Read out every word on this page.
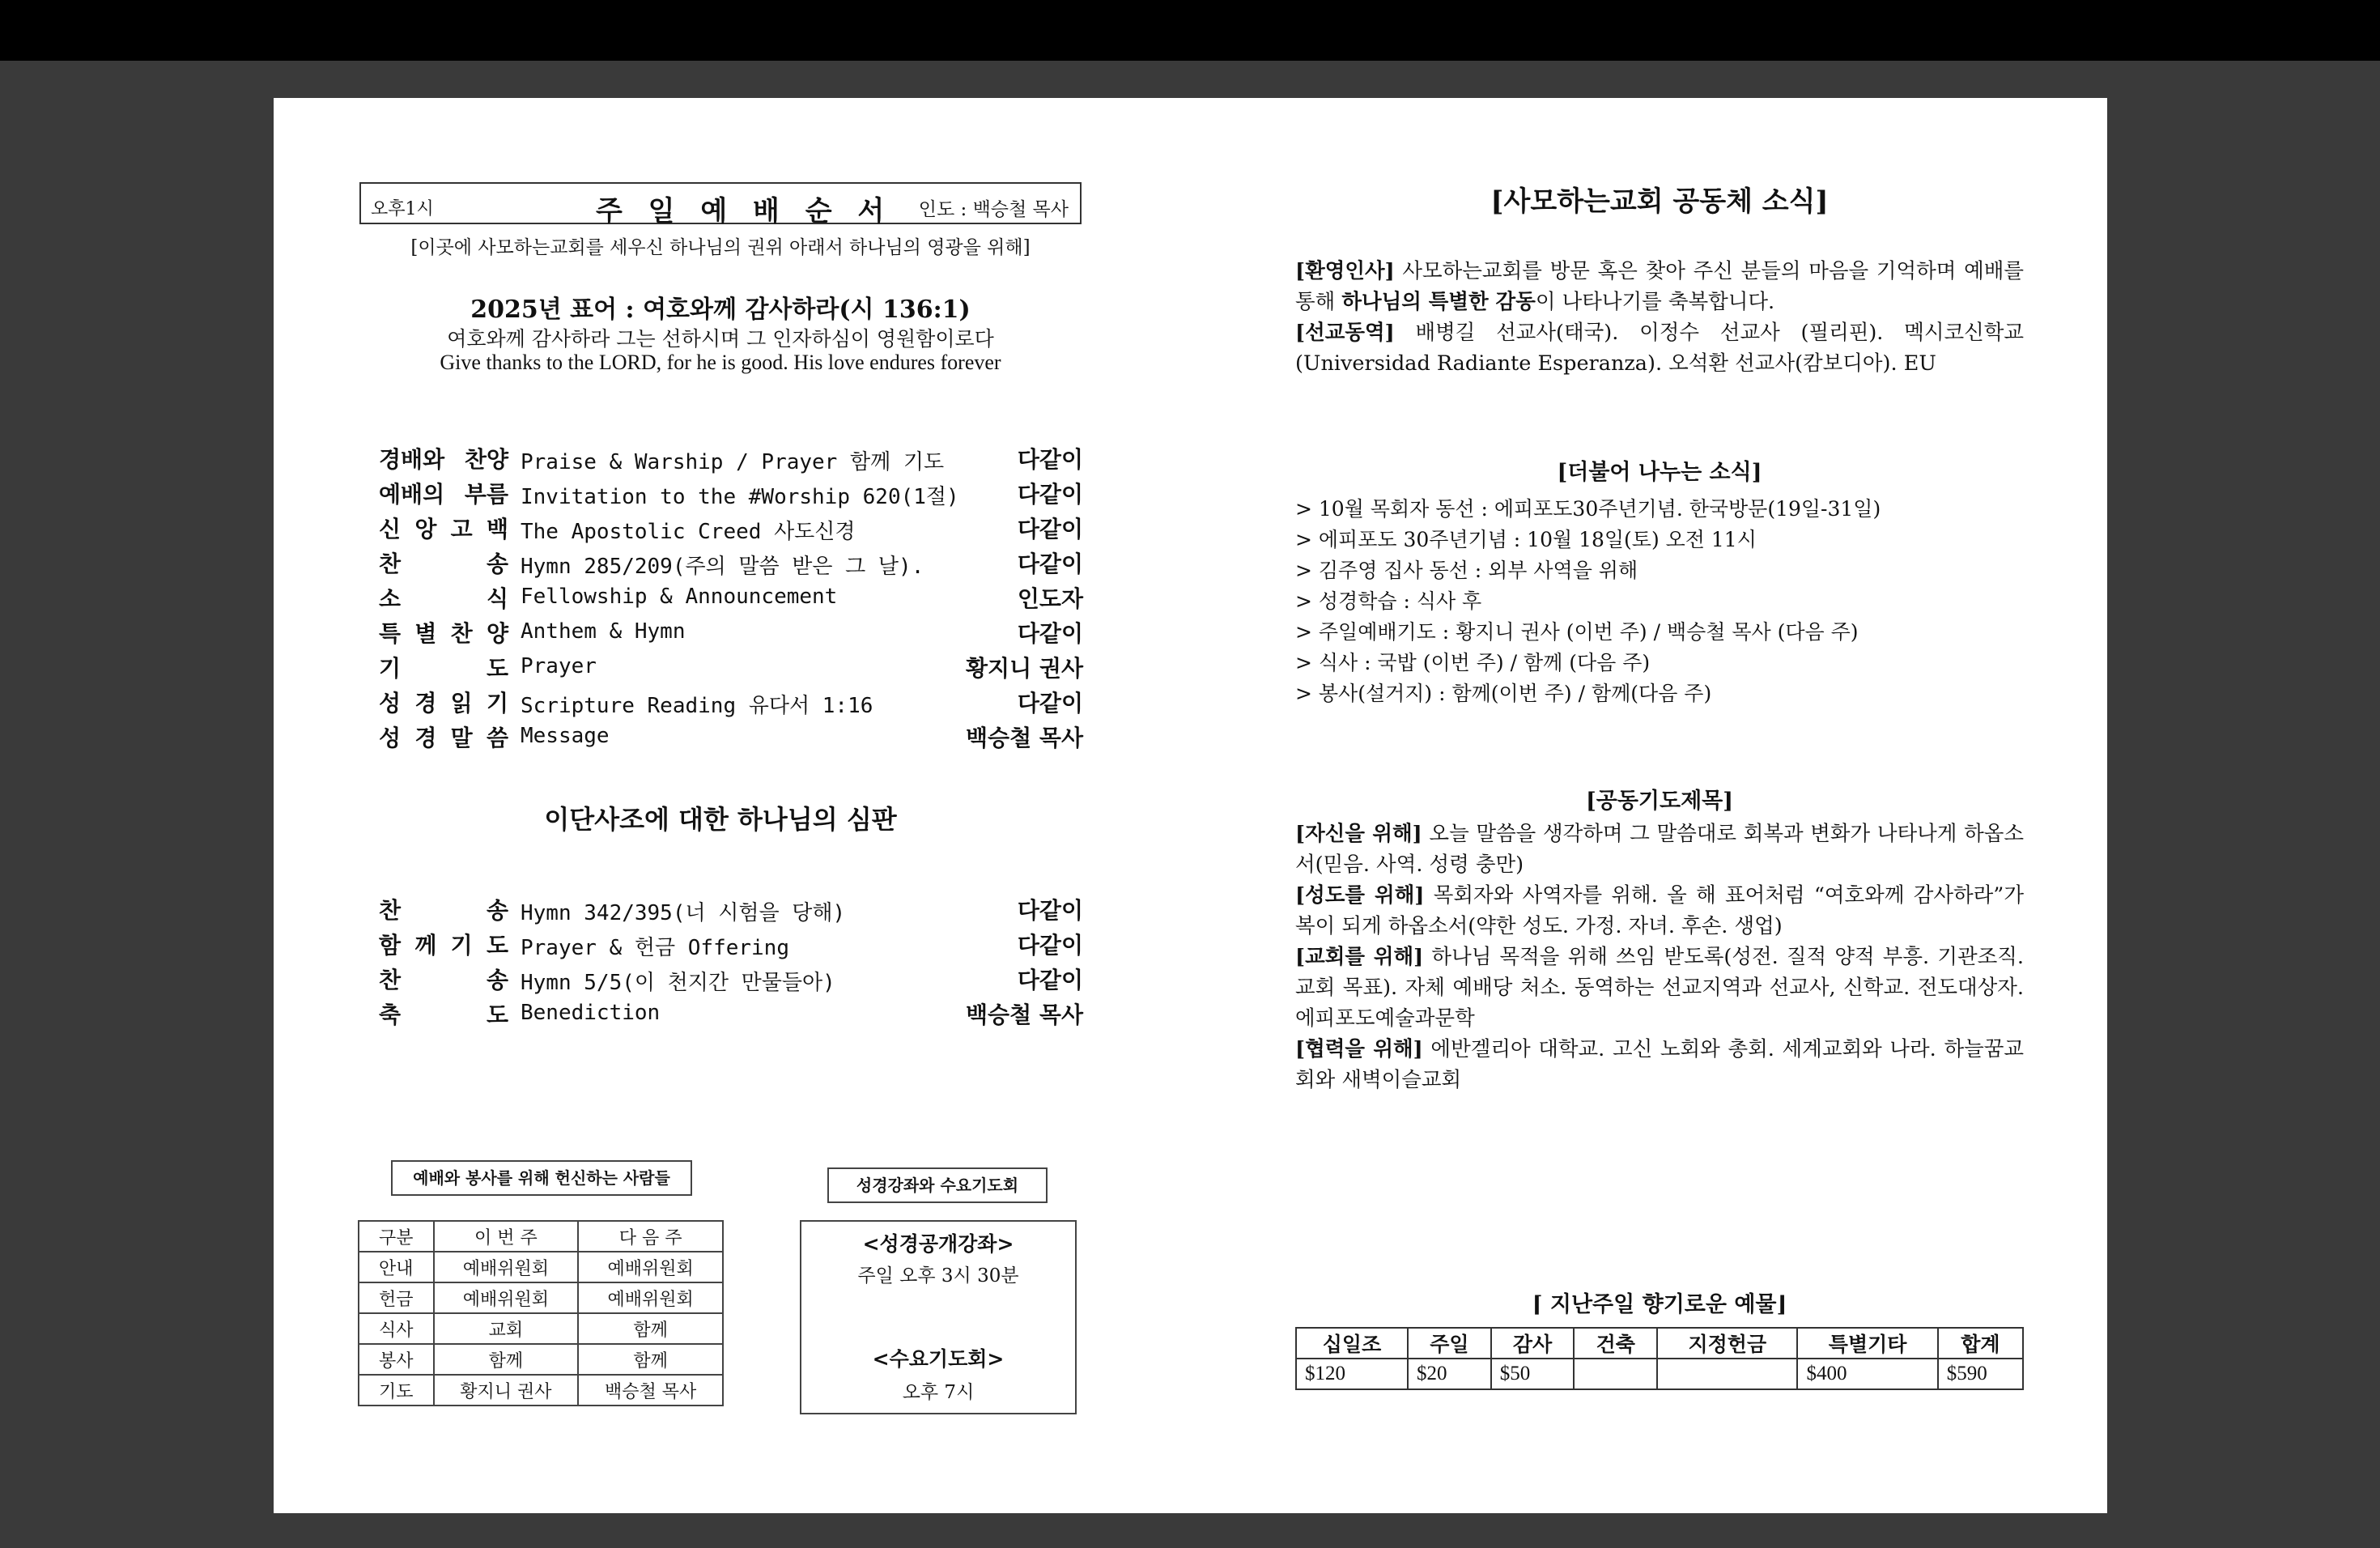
오후1시	주 일 예 배 순 서 인도 : 백승철 목사
[이곳에 사모하는교회를 세우신 하나님의 권위 아래서 하나님의 영광을 위해]
2025년 표어 : 여호와께 감사하라(시 136:1)
여호와께 감사하라 그는 선하시며 그 인자하심이 영원함이로다
Give thanks to the LORD, for he is good. His love endures forever
경배와 찬양 Praise & Warship / Prayer 함께 기도	다같이
예배의 부름 Invitation to the #Worship 620(1절)	다같이
신 앙 고 백 The Apostolic Creed 사도신경	다같이
찬	송 Hymn 285/209(주의 말씀 받은 그 날).	다같이
소	식 Fellowship & Announcement	인도자
특 별 찬 양 Anthem & Hymn	다같이
기	도 Prayer	황지니 권사
성 경 읽 기 Scripture Reading 유다서 1:16	다같이
성 경 말 씀 Message	백승철 목사
이단사조에 대한 하나님의 심판
찬	송 Hymn 342/395(너 시험을 당해)	다같이
함 께 기 도 Prayer & 헌금 Offering	다같이
찬	송 Hymn 5/5(이 천지간 만물들아)	다같이
축	도 Benediction	백승철 목사
예배와 봉사를 위해 헌신하는 사람들
구분	이 번 주	다 음 주
안내	예배위원회	예배위원회
헌금	예배위원회	예배위원회
식사	교회	함께
봉사	함께	함께
기도	황지니 권사	백승철 목사
성경강좌와 수요기도회
<성경공개강좌>
주일 오후 3시 30분
<수요기도회>
오후 7시
[사모하는교회 공동체 소식]
[환영인사] 사모하는교회를 방문 혹은 찾아 주신 분들의 마음을 기억하며 예배를 통해 하나님의 특별한 감동이 나타나기를 축복합니다.
[선교동역] 배병길 선교사(태국). 이정수 선교사 (필리핀). 멕시코신학교 (Universidad Radiante Esperanza). 오석환 선교사(캄보디아). EU
[더불어 나누는 소식]
> 10월 목회자 동선 : 에피포도30주년기념. 한국방문(19일-31일)
> 에피포도 30주년기념 : 10월 18일(토) 오전 11시
> 김주영 집사 동선 : 외부 사역을 위해
> 성경학습 : 식사 후
> 주일예배기도 : 황지니 권사 (이번 주) / 백승철 목사 (다음 주)
> 식사 : 국밥 (이번 주) / 함께 (다음 주)
> 봉사(설거지) : 함께(이번 주) / 함께(다음 주)
[공동기도제목]
[자신을 위해] 오늘 말씀을 생각하며 그 말씀대로 회복과 변화가 나타나게 하옵소서(믿음. 사역. 성령 충만)
[성도를 위해] 목회자와 사역자를 위해. 올 해 표어처럼 “여호와께 감사하라”가 복이 되게 하옵소서(약한 성도. 가정. 자녀. 후손. 생업)
[교회를 위해] 하나님 목적을 위해 쓰임 받도록(성전. 질적 양적 부흥. 기관조직. 교회 목표). 자체 예배당 처소. 동역하는 선교지역과 선교사, 신학교. 전도대상자. 에피포도예술과문학
[협력을 위해] 에반겔리아 대학교. 고신 노회와 총회. 세계교회와 나라. 하늘꿈교회와 새벽이슬교회
⌈ 지난주일 향기로운 예물⌋
십일조	주일	감사	건축	지정헌금	특별기타	합계
$120	$20	$50			$400	$590
